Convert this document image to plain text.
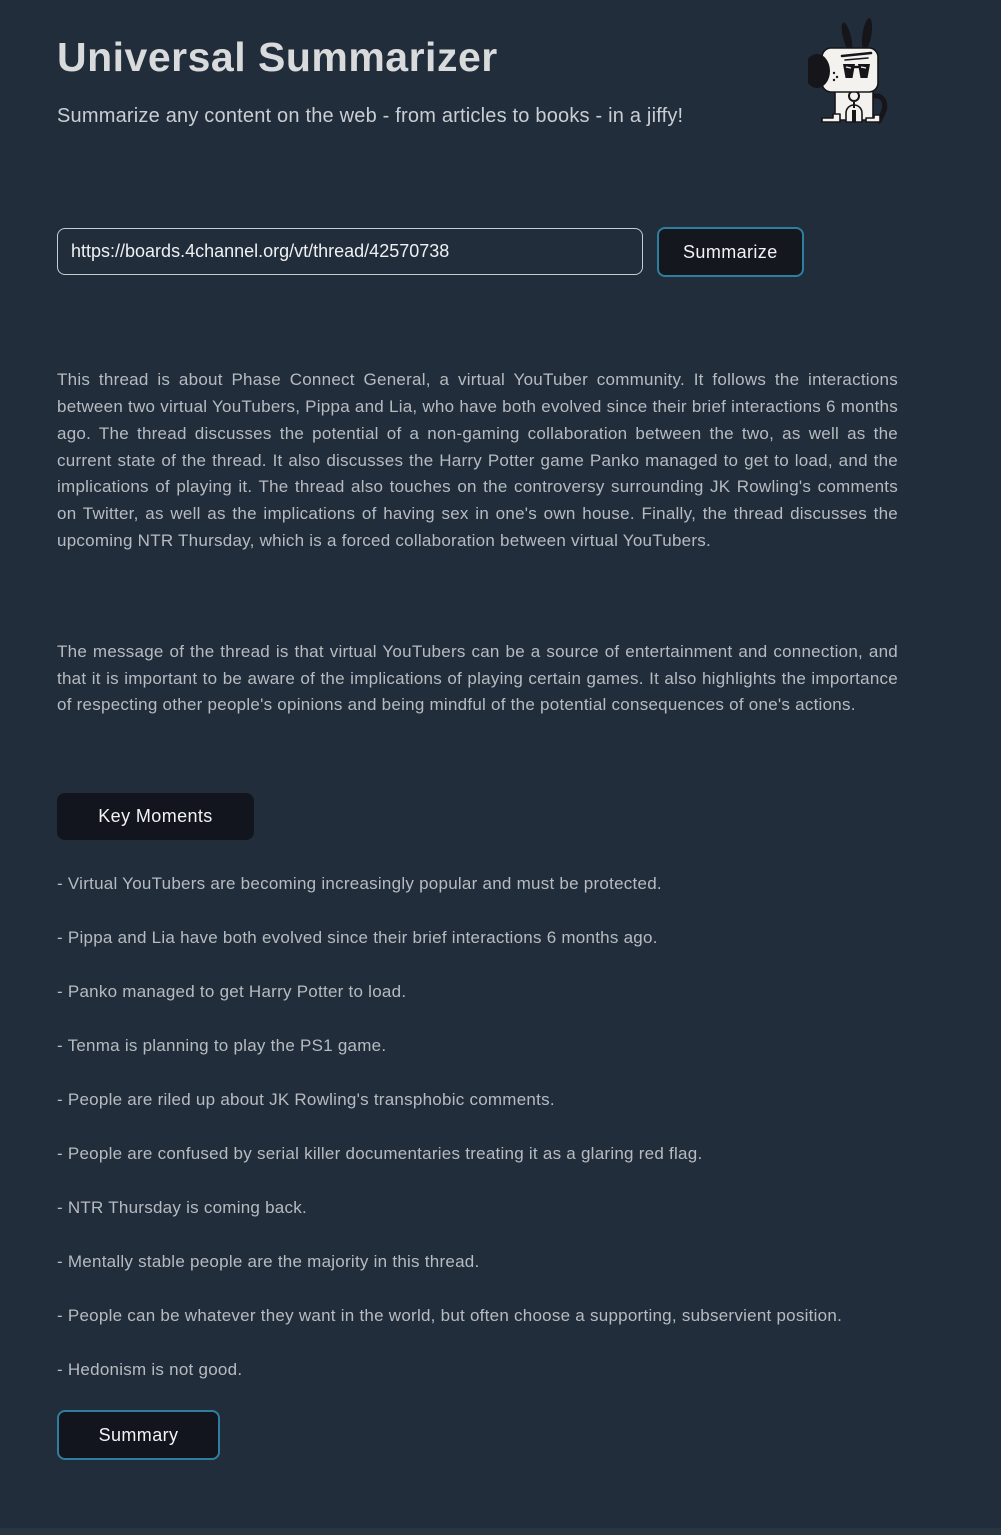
Universal Summarizer
Summarize any content on the web - from articles to books - in a jiffy!
https://boards.4channel.org/vt/thread/42570738
Summarize

This thread is about Phase Connect General, a virtual YouTuber community. It follows the interactions between two virtual YouTubers, Pippa and Lia, who have both evolved since their brief interactions 6 months ago. The thread discusses the potential of a non-gaming collaboration between the two, as well as the current state of the thread. It also discusses the Harry Potter game Panko managed to get to load, and the implications of playing it. The thread also touches on the controversy surrounding JK Rowling's comments on Twitter, as well as the implications of having sex in one's own house. Finally, the thread discusses the upcoming NTR Thursday, which is a forced collaboration between virtual YouTubers.

The message of the thread is that virtual YouTubers can be a source of entertainment and connection, and that it is important to be aware of the implications of playing certain games. It also highlights the importance of respecting other people's opinions and being mindful of the potential consequences of one's actions.

Key Moments
- Virtual YouTubers are becoming increasingly popular and must be protected.
- Pippa and Lia have both evolved since their brief interactions 6 months ago.
- Panko managed to get Harry Potter to load.
- Tenma is planning to play the PS1 game.
- People are riled up about JK Rowling's transphobic comments.
- People are confused by serial killer documentaries treating it as a glaring red flag.
- NTR Thursday is coming back.
- Mentally stable people are the majority in this thread.
- People can be whatever they want in the world, but often choose a supporting, subservient position.
- Hedonism is not good.
Summary
